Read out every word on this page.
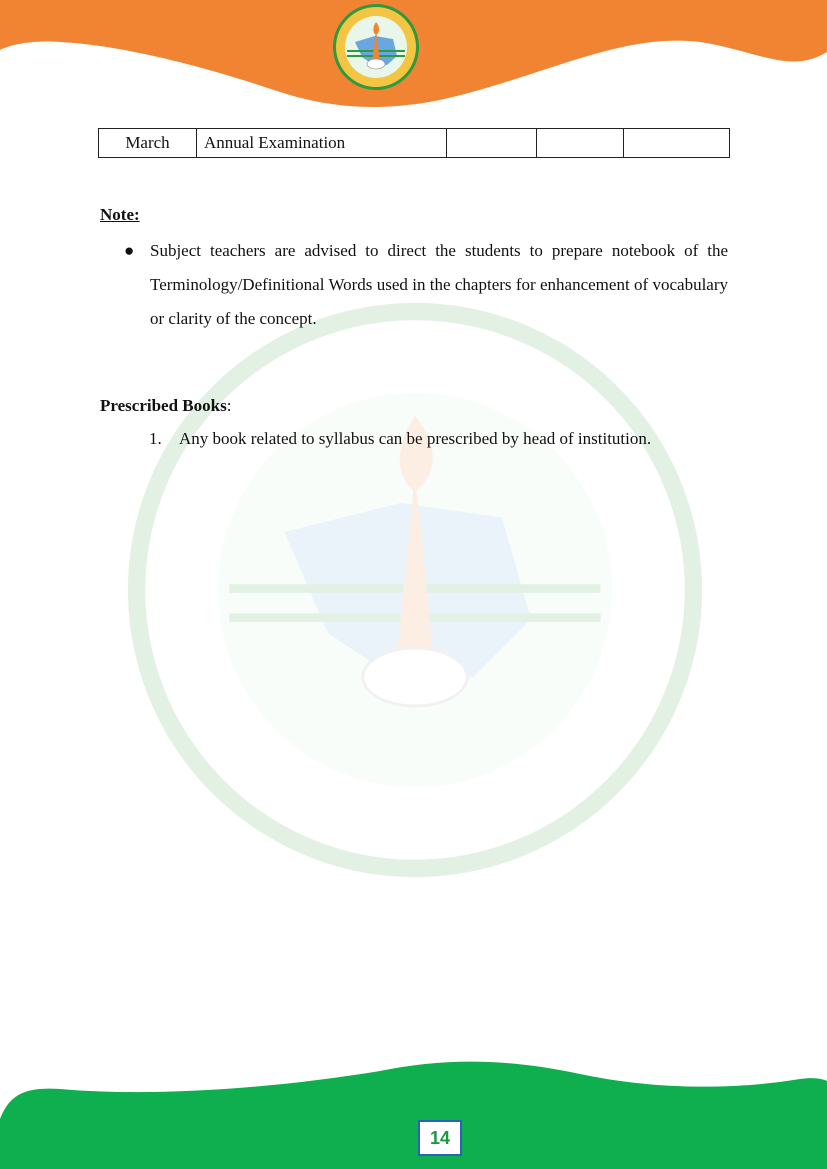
March	Annual Examination			
Note:
● Subject teachers are advised to direct the students to prepare notebook of the Terminology/Definitional Words used in the chapters for enhancement of vocabulary or clarity of the concept.
Prescribed Books:
1. Any book related to syllabus can be prescribed by head of institution.
14
